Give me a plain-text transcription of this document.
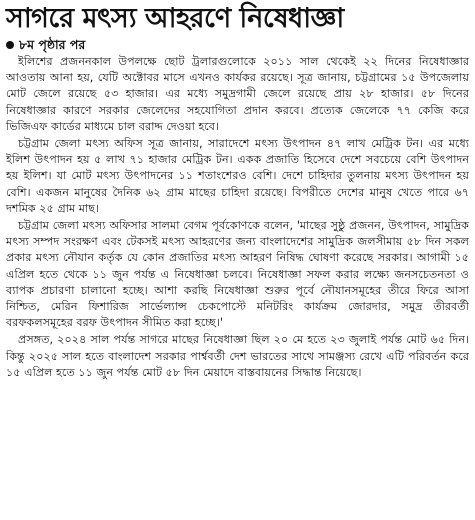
সাগরে মৎস্য আহরণে নিষেধাজ্ঞা
৮ম পৃষ্ঠার পর

ইলিশের প্রজননকাল উপলক্ষে ছোট ট্রলারগুলোকে ২০১১ সাল থেকেই ২২ দিনের নিষেধাজ্ঞার আওতায় আনা হয়, যেটি অক্টোবর মাসে এখনও কার্যকর রয়েছে। সূত্র জানায়, চট্টগ্রামের ১৫ উপজেলায় মোট জেলে রয়েছে ৫৩ হাজার। এর মধ্যে সমুদ্রগামী জেলে রয়েছে প্রায় ২৮ হাজার। ৫৮ দিনের নিষেধাজ্ঞার কারণে সরকার জেলেদের সহযোগিতা প্রদান করবে। প্রত্যেক জেলেকে ৭৭ কেজি করে ভিজিএফ কার্ডের মাধ্যমে চাল বরাদ্দ দেওয়া হবে।

চট্টগ্রাম জেলা মৎস্য অফিস সূত্র জানায়, সারাদেশে মৎস্য উৎপাদন ৪৭ লাখ মেট্রিক টন। এর মধ্যে ইলিশ উৎপাদন হয় ৫ লাখ ৭১ হাজার মেট্রিক টন। একক প্রজাতি হিসেবে দেশে সবচেয়ে বেশি উৎপাদন হয় ইলিশ। যা মোট মৎস্য উৎপাদনের ১১ শতাংশেরও বেশি। দেশে চাহিদার তুলনায় মৎস্য উৎপাদন হয় বেশি। একজন মানুষের দৈনিক ৬২ গ্রাম মাছের চাহিদা রয়েছে। বিপরীতে দেশের মানুষ খেতে পারে ৬৭ দশমিক ২৫ গ্রাম মাছ।

চট্টগ্রাম জেলা মৎস্য অফিসার সালমা বেগম পূর্বকোণকে বলেন, 'মাছের সুষ্ঠু প্রজনন, উৎপাদন, সামুদ্রিক মৎস্য সম্পদ সংরক্ষণ এবং টেকসই মৎস্য আহরণের জন্য বাংলাদেশের সামুদ্রিক জলসীমায় ৫৮ দিন সকল প্রকার মৎস্য নৌযান কর্তৃক যে কোন প্রজাতির মৎস্য আহরণ নিষিদ্ধ ঘোষণা করেছে সরকার। আগামী ১৫ এপ্রিল হতে থেকে ১১ জুন পর্যন্ত এ নিষেধাজ্ঞা চলবে। নিষেধাজ্ঞা সফল করার লক্ষ্যে জনসচেতনতা ও ব্যাপক প্রচারণা চালানো হচ্ছে। আশা করছি নিষেধাজ্ঞা শুরুর পূর্বে নৌযানসমূহের তীরে ফিরে আসা নিশ্চিত, মেরিন ফিশারিজ সার্ভেল্যান্স চেকপোস্টে মনিটরিং কার্যক্রম জোরদার, সমুদ্র তীরবর্তী বরফকলসমূহের বরফ উৎপাদন সীমিত করা হচ্ছে।'

প্রসঙ্গত, ২০২৪ সাল পর্যন্ত সাগরে মাছের নিষেধাজ্ঞা ছিল ২০ মে হতে ২৩ জুলাই পর্যন্ত মোট ৬৫ দিন। কিন্তু ২০২৫ সাল হতে বাংলাদেশ সরকার পার্শ্ববর্তী দেশ ভারতের সাথে সামঞ্জস্য রেখে এটি পরিবর্তন করে ১৫ এপ্রিল হতে ১১ জুন পর্যন্ত মোট ৫৮ দিন মেয়াদে বাস্তবায়নের সিদ্ধান্ত নিয়েছে।
